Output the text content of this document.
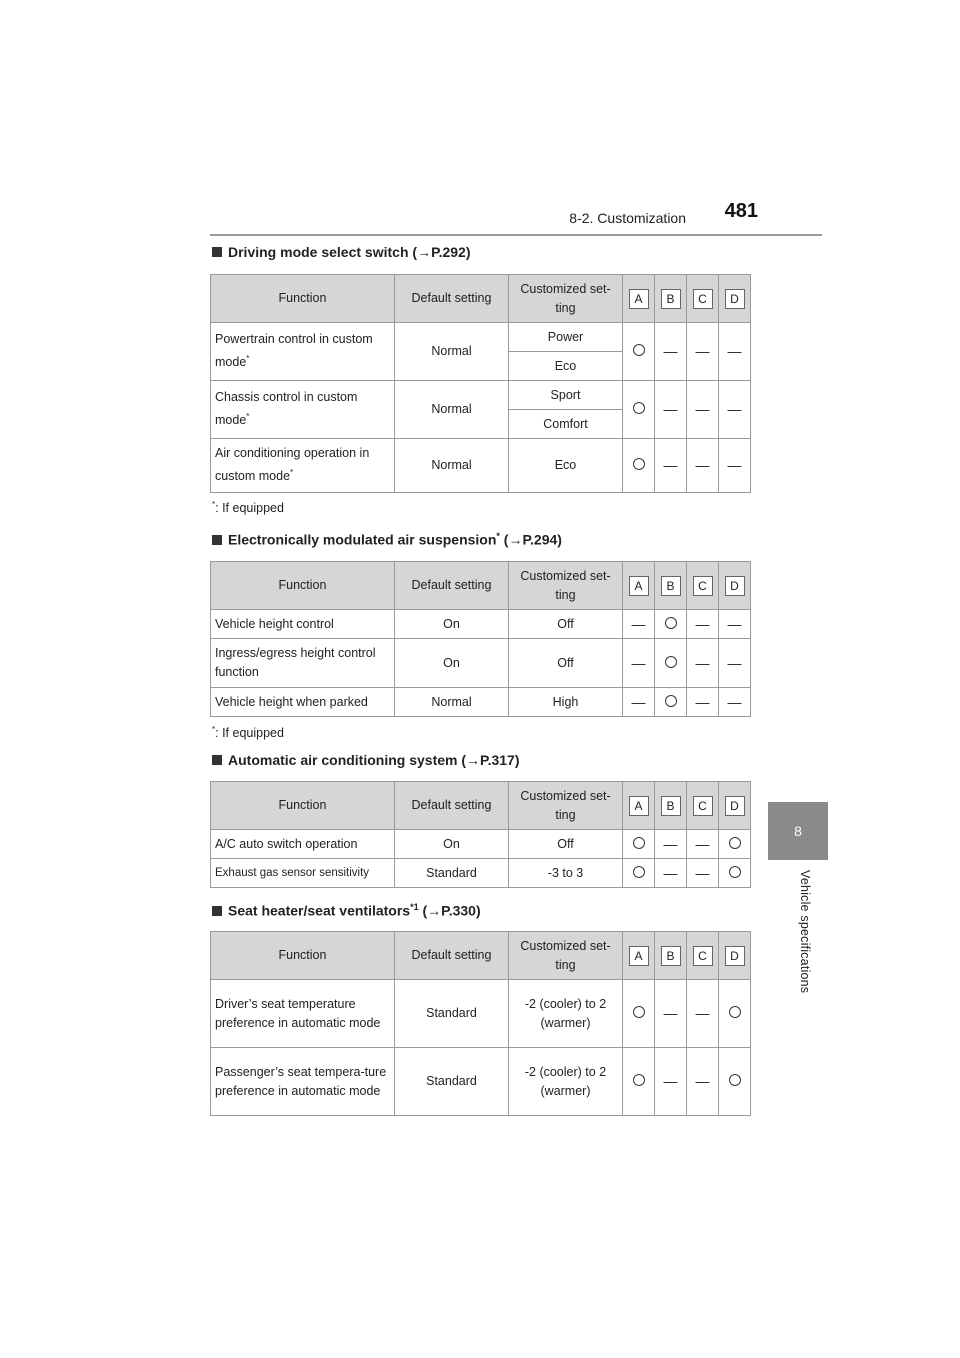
8-2. Customization 481
8
Vehicle specifications
Driving mode select switch (→P.292)
Function	Default setting	Customized set-
ting	A	B	C	D
Powertrain control in custom mode*	Normal	Power		—	—	—
		Eco				
Chassis control in custom mode*	Normal	Sport		—	—	—
		Comfort				
Air conditioning operation in custom mode*	Normal	Eco		—	—	—
*: If equipped
Electronically modulated air suspension* (→P.294)
Function	Default setting	Customized set-
ting	A	B	C	D
Vehicle height control	On	Off	—		—	—
Ingress/egress height control function	On	Off	—		—	—
Vehicle height when parked	Normal	High	—		—	—
*: If equipped
Automatic air conditioning system (→P.317)
Function	Default setting	Customized set-
ting	A	B	C	D
A/C auto switch operation	On	Off		—	—	
Exhaust gas sensor sensitivity	Standard	-3 to 3		—	—	
Seat heater/seat ventilators$^{*1}$ (→P.330)
Function	Default setting	Customized set-
ting	A	B	C	D
Driver’s seat temperature preference in automatic mode	Standard	-2 (cooler) to 2 (warmer)		—	—	
Passenger’s seat tempera-ture preference in automatic mode	Standard	-2 (cooler) to 2 (warmer)		—	—	
